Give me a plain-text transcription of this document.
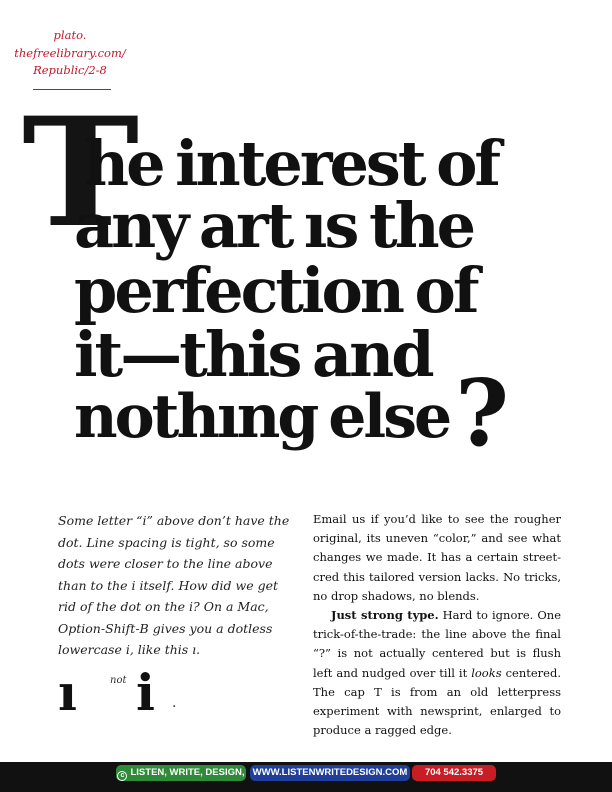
plato.
thefreelibrary.com/
Republic/2-8
T
he interest of
any art ıs the
perfection of
it—this and
nothıng else?
Some letter “i” above don’t have the dot. Line spacing is tight, so some dots were closer to the line above than to the i itself. How did we get rid of the dot on the i? On a Mac, Option-Shift-B gives you a dotless lowercase i, like this ı.
ı	not i .

Email us if you’d like to see the rougher original, its uneven “color,” and see what changes we made. It has a certain street-cred this tailored version lacks. No tricks, no drop shadows, no blends.

Just strong type. Hard to ignore. One trick-of-the-trade: the line above the final “?” is not actually centered but is flush left and nudged over till it looks centered. The cap T is from an old letterpress experiment with newsprint, enlarged to produce a ragged edge.

c LISTEN, WRITE, DESIGN, WWW.LISTENWRITEDESIGN.COM	704 542.3375
